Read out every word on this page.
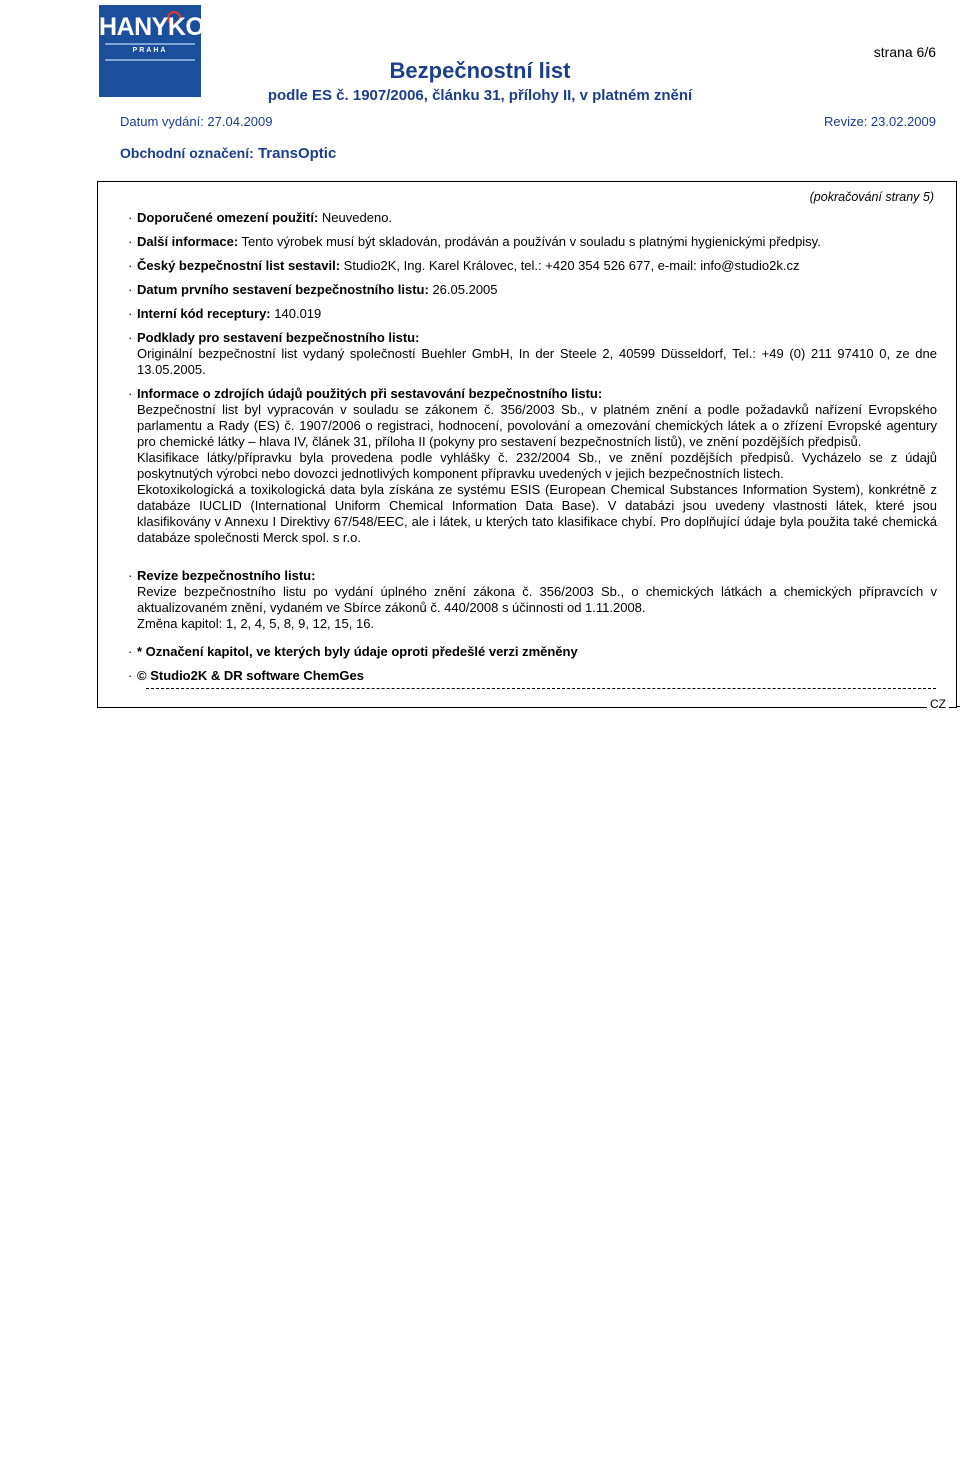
HANYKO
PRAHA	strana 6/6
Bezpečnostní list
podle ES č. 1907/2006, článku 31, přílohy II, v platném znění
Datum vydání: 27.04.2009	Revize: 23.02.2009
Obchodní označení: TransOptic
(pokračování strany 5)
· Doporučené omezení použití: Neuvedeno.
· Další informace: Tento výrobek musí být skladován, prodáván a používán v souladu s platnými hygienickými předpisy.
· Český bezpečnostní list sestavil: Studio2K, Ing. Karel Královec, tel.: +420 354 526 677, e-mail: info@studio2k.cz
· Datum prvního sestavení bezpečnostního listu: 26.05.2005
· Interní kód receptury: 140.019
· Podklady pro sestavení bezpečnostního listu:
Originální bezpečnostní list vydaný společností Buehler GmbH, In der Steele 2, 40599 Düsseldorf, Tel.: +49 (0) 211 97410 0, ze dne 13.05.2005.
· Informace o zdrojích údajů použitých při sestavování bezpečnostního listu:
Bezpečnostní list byl vypracován v souladu se zákonem č. 356/2003 Sb., v platném znění a podle požadavků nařízení Evropského parlamentu a Rady (ES) č. 1907/2006 o registraci, hodnocení, povolování a omezování chemických látek a o zřízení Evropské agentury pro chemické látky – hlava IV, článek 31, příloha II (pokyny pro sestavení bezpečnostních listů), ve znění pozdějších předpisů.
Klasifikace látky/přípravku byla provedena podle vyhlášky č. 232/2004 Sb., ve znění pozdějších předpisů. Vycházelo se z údajů poskytnutých výrobci nebo dovozci jednotlivých komponent přípravku uvedených v jejich bezpečnostních listech.
Ekotoxikologická a toxikologická data byla získána ze systému ESIS (European Chemical Substances Information System), konkrétně z databáze IUCLID (International Uniform Chemical Information Data Base). V databázi jsou uvedeny vlastnosti látek, které jsou klasifikovány v Annexu I Direktivy 67/548/EEC, ale i látek, u kterých tato klasifikace chybí. Pro doplňující údaje byla použita také chemická databáze společnosti Merck spol. s r.o.
· Revize bezpečnostního listu:
Revize bezpečnostního listu po vydání úplného znění zákona č. 356/2003 Sb., o chemických látkách a chemických přípravcích v aktualizovaném znění, vydaném ve Sbírce zákonů č. 440/2008 s účinnosti od 1.11.2008.
Změna kapitol: 1, 2, 4, 5, 8, 9, 12, 15, 16.
· * Označení kapitol, ve kterých byly údaje oproti předešlé verzi změněny
· © Studio2K & DR software ChemGes
CZ
